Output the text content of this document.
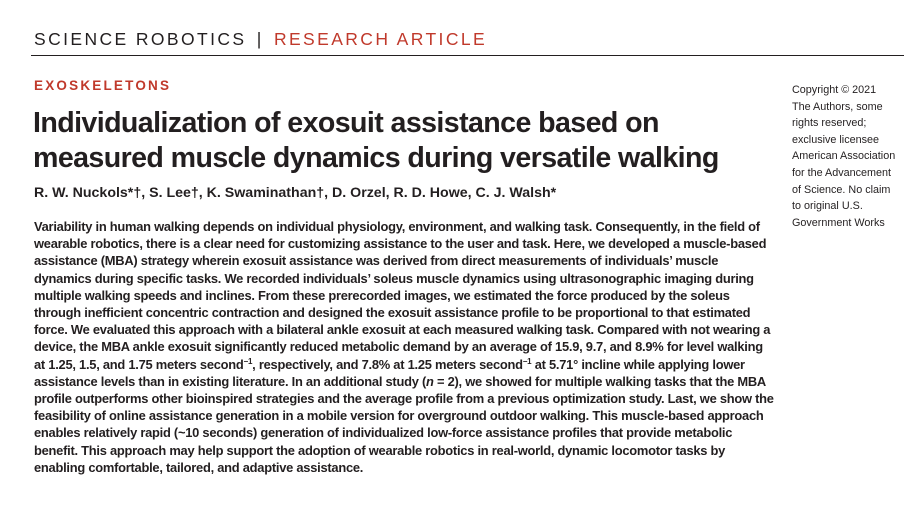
SCIENCE ROBOTICS | RESEARCH ARTICLE
EXOSKELETONS
Individualization of exosuit assistance based on measured muscle dynamics during versatile walking
R. W. Nuckols*†, S. Lee†, K. Swaminathan†, D. Orzel, R. D. Howe, C. J. Walsh*

Variability in human walking depends on individual physiology, environment, and walking task. Consequently, in the field of wearable robotics, there is a clear need for customizing assistance to the user and task. Here, we developed a muscle-based assistance (MBA) strategy wherein exosuit assistance was derived from direct measurements of individuals’ muscle dynamics during specific tasks. We recorded individuals’ soleus muscle dynamics using ultrasonographic imaging during multiple walking speeds and inclines. From these prerecorded images, we estimated the force produced by the soleus through inefficient concentric contraction and designed the exosuit assistance profile to be proportional to that estimated force. We evaluated this approach with a bilateral ankle exosuit at each measured walking task. Compared with not wearing a device, the MBA ankle exosuit significantly reduced metabolic demand by an average of 15.9, 9.7, and 8.9% for level walking at 1.25, 1.5, and 1.75 meters second$^{-1}$, respectively, and 7.8% at 1.25 meters second$^{-1}$ at 5.71° incline while applying lower assistance levels than in existing literature. In an additional study (n = 2), we showed for multiple walking tasks that the MBA profile outperforms other bioinspired strategies and the average profile from a previous optimization study. Last, we show the feasibility of online assistance generation in a mobile version for overground outdoor walking. This muscle-based approach enables relatively rapid (~10 seconds) generation of individualized low-force assistance profiles that provide metabolic benefit. This approach may help support the adoption of wearable robotics in real-world, dynamic locomotor tasks by enabling comfortable, tailored, and adaptive assistance.

Copyright © 2021
The Authors, some
rights reserved;
exclusive licensee
American Association
for the Advancement
of Science. No claim
to original U.S.
Government Works
